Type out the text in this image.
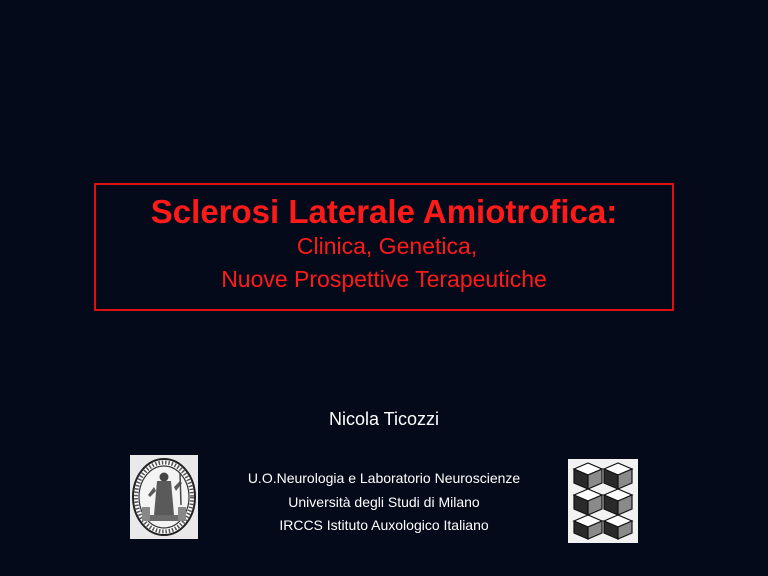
Sclerosi Laterale Amiotrofica:
Clinica, Genetica,
Nuove Prospettive Terapeutiche
Nicola Ticozzi
U.O.Neurologia e Laboratorio Neuroscienze
Università degli Studi di Milano
IRCCS Istituto Auxologico Italiano
